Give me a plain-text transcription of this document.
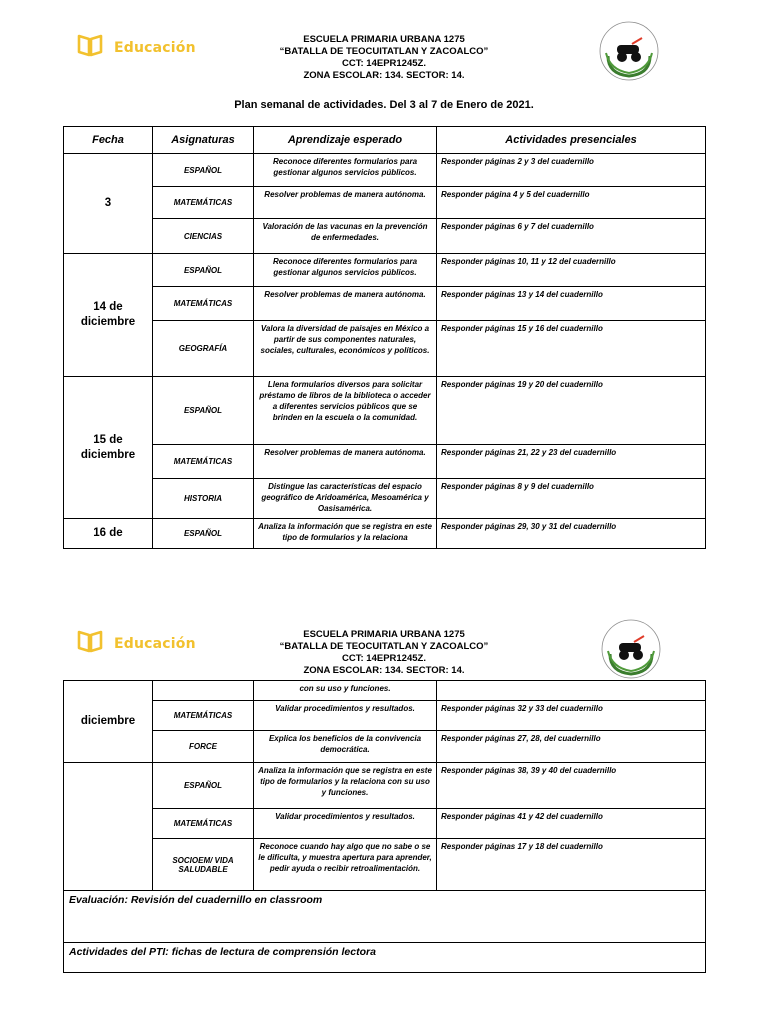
Educación	ESCUELA PRIMARIA URBANA 1275
“BATALLA DE TEOCUITATLAN Y ZACOALCO”
CCT: 14EPR1245Z.
ZONA ESCOLAR: 134. SECTOR: 14.
Plan semanal de actividades. Del 3 al 7 de Enero de 2021.
Fecha	Asignaturas	Aprendizaje esperado	Actividades presenciales
3	ESPAÑOL	Reconoce diferentes formularios para gestionar algunos servicios públicos.	Responder páginas 2 y 3 del cuadernillo
	MATEMÁTICAS	Resolver problemas de manera autónoma.	Responder página 4 y 5 del cuadernillo
	CIENCIAS	Valoración de las vacunas en la prevención de enfermedades.	Responder páginas 6 y 7 del cuadernillo
14 de diciembre	ESPAÑOL	Reconoce diferentes formularios para gestionar algunos servicios públicos.	Responder páginas 10, 11 y 12 del cuadernillo
	MATEMÁTICAS	Resolver problemas de manera autónoma.	Responder páginas 13 y 14 del cuadernillo
	GEOGRAFÍA	Valora la diversidad de paisajes en México a partir de sus componentes naturales, sociales, culturales, económicos y políticos.	Responder páginas 15 y 16 del cuadernillo
15 de diciembre	ESPAÑOL	Llena formularios diversos para solicitar préstamo de libros de la biblioteca o acceder a diferentes servicios públicos que se brinden en la escuela o la comunidad.	Responder páginas 19 y 20 del cuadernillo
	MATEMÁTICAS	Resolver problemas de manera autónoma.	Responder páginas 21, 22 y 23 del cuadernillo
	HISTORIA	Distingue las características del espacio geográfico de Aridoamérica, Mesoamérica y Oasisamérica.	Responder páginas 8 y 9 del cuadernillo
16 de	ESPAÑOL	Analiza la información que se registra en este tipo de formularios y la relaciona	Responder páginas 29, 30 y 31 del cuadernillo
Educación
ESCUELA PRIMARIA URBANA 1275
“BATALLA DE TEOCUITATLAN Y ZACOALCO”
CCT: 14EPR1245Z.
ZONA ESCOLAR: 134. SECTOR: 14.
diciembre		con su uso y funciones.	
	MATEMÁTICAS	Validar procedimientos y resultados.	Responder páginas 32 y 33 del cuadernillo
	FORCE	Explica los beneficios de la convivencia democrática.	Responder páginas 27, 28, del cuadernillo
	ESPAÑOL	Analiza la información que se registra en este tipo de formularios y la relaciona con su uso y funciones.	Responder páginas 38, 39 y 40 del cuadernillo
	MATEMÁTICAS	Validar procedimientos y resultados.	Responder páginas 41 y 42 del cuadernillo
	SOCIOEM/ VIDA SALUDABLE	Reconoce cuando hay algo que no sabe o se le dificulta, y muestra apertura para aprender, pedir ayuda o recibir retroalimentación.	Responder páginas 17 y 18 del cuadernillo
Evaluación: Revisión del cuadernillo en classroom			
Actividades del PTI: fichas de lectura de comprensión lectora			
